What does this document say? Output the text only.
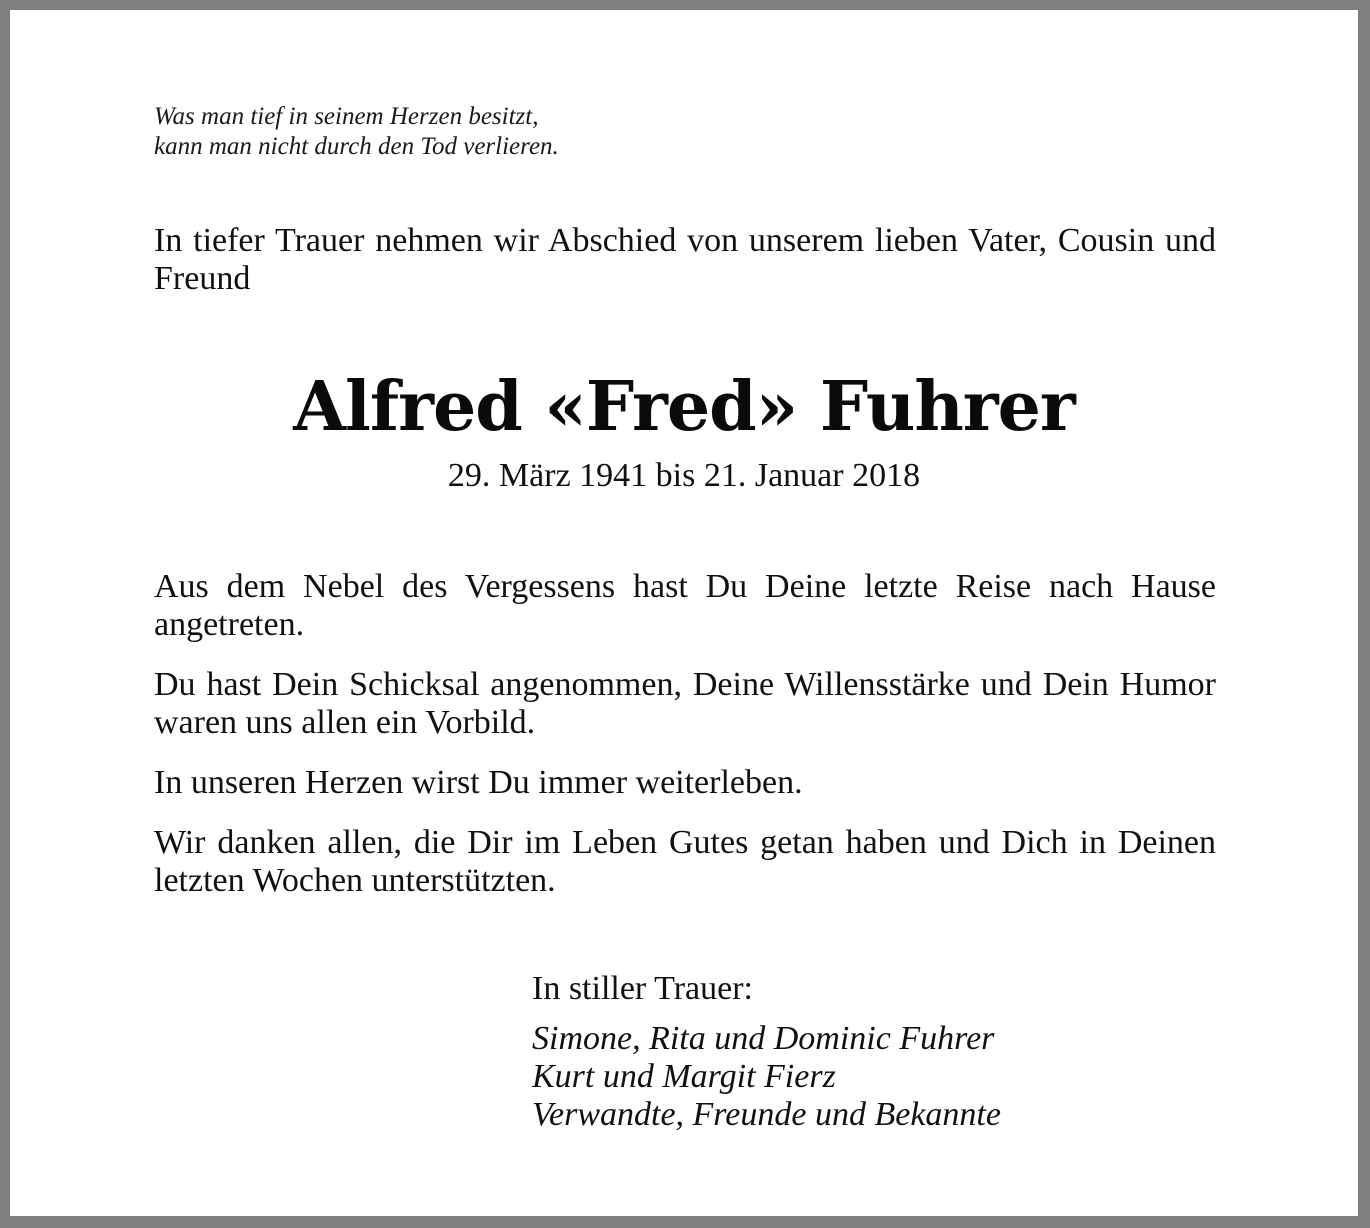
Was man tief in seinem Herzen besitzt,
kann man nicht durch den Tod verlieren.
In tiefer Trauer nehmen wir Abschied von unserem lieben Vater, Cousin und Freund
Alfred «Fred» Fuhrer
29. März 1941 bis 21. Januar 2018

Aus dem Nebel des Vergessens hast Du Deine letzte Reise nach Hause angetreten.

Du hast Dein Schicksal angenommen, Deine Willensstärke und Dein Humor waren uns allen ein Vorbild.

In unseren Herzen wirst Du immer weiterleben.

Wir danken allen, die Dir im Leben Gutes getan haben und Dich in Deinen letzten Wochen unterstützten.

In stiller Trauer:
Simone, Rita und Dominic Fuhrer
Kurt und Margit Fierz
Verwandte, Freunde und Bekannte
